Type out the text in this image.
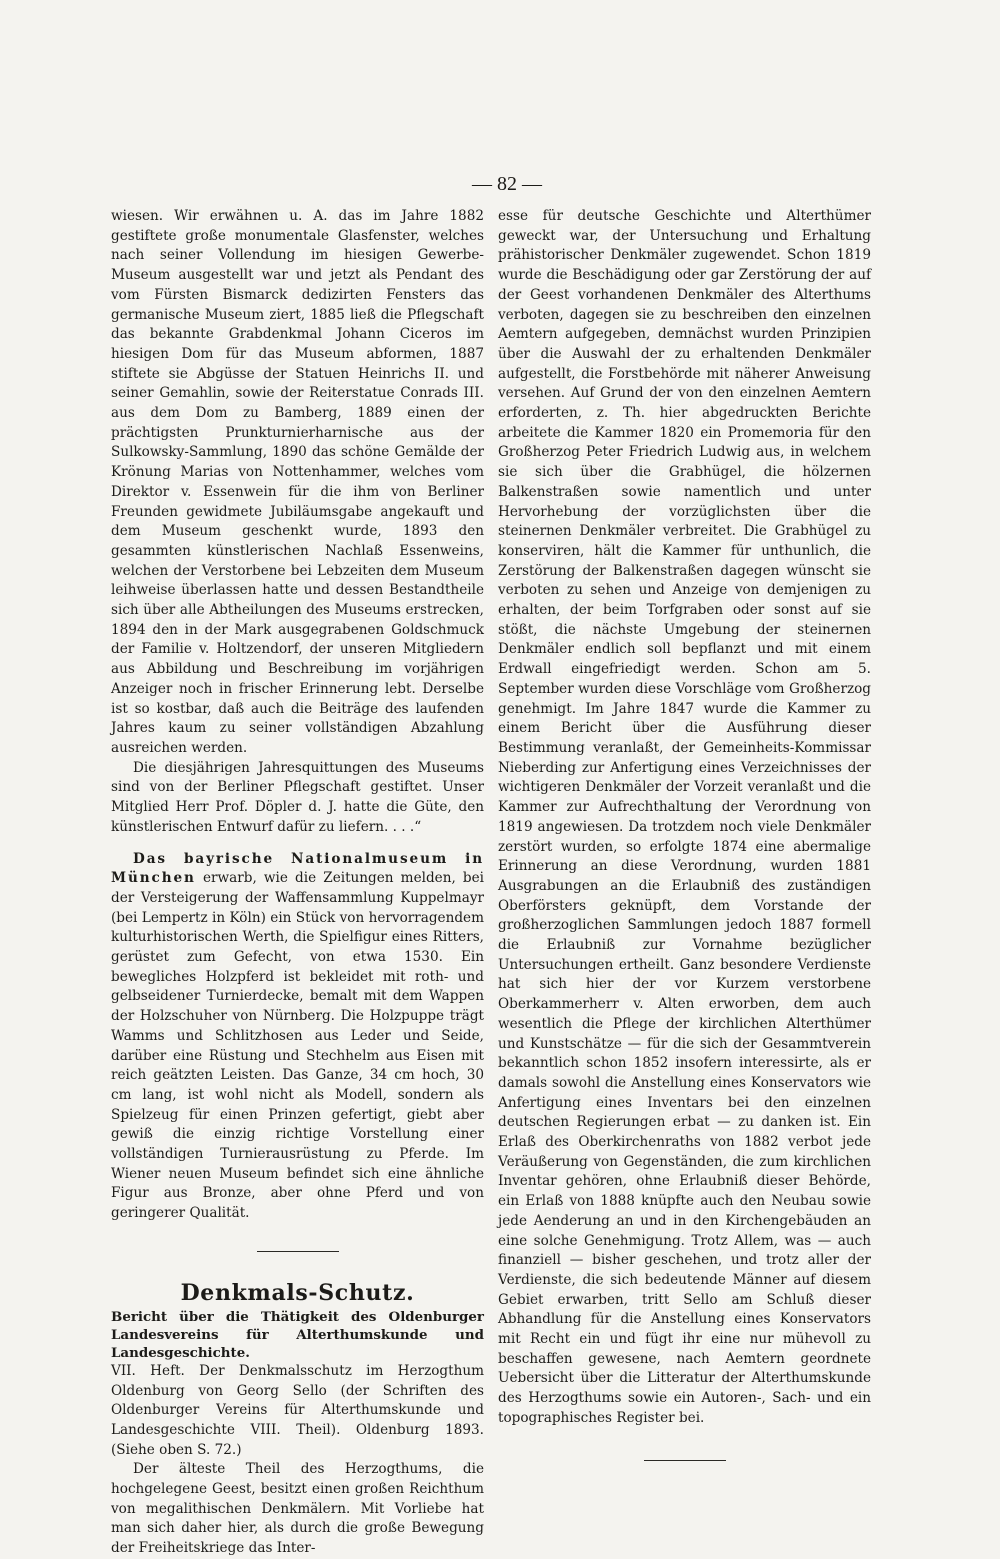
— 82 —

wiesen. Wir erwähnen u. A. das im Jahre 1882 gestiftete große monumentale Glasfenster, welches nach seiner Vollendung im hiesigen Gewerbe-Museum ausgestellt war und jetzt als Pendant des vom Fürsten Bismarck dedizirten Fensters das germanische Museum ziert, 1885 ließ die Pflegschaft das bekannte Grabdenkmal Johann Ciceros im hiesigen Dom für das Museum abformen, 1887 stiftete sie Abgüsse der Statuen Heinrichs II. und seiner Gemahlin, sowie der Reiterstatue Conrads III. aus dem Dom zu Bamberg, 1889 einen der prächtigsten Prunkturnierharnische aus der Sulkowsky-Sammlung, 1890 das schöne Gemälde der Krönung Marias von Nottenhammer, welches vom Direktor v. Essenwein für die ihm von Berliner Freunden gewidmete Jubiläumsgabe angekauft und dem Museum geschenkt wurde, 1893 den gesammten künstlerischen Nachlaß Essenweins, welchen der Verstorbene bei Lebzeiten dem Museum leihweise überlassen hatte und dessen Bestandtheile sich über alle Abtheilungen des Museums erstrecken, 1894 den in der Mark ausgegrabenen Goldschmuck der Familie v. Holtzendorf, der unseren Mitgliedern aus Abbildung und Beschreibung im vorjährigen Anzeiger noch in frischer Erinnerung lebt. Derselbe ist so kostbar, daß auch die Beiträge des laufenden Jahres kaum zu seiner vollständigen Abzahlung ausreichen werden.

Die diesjährigen Jahresquittungen des Museums sind von der Berliner Pflegschaft gestiftet. Unser Mitglied Herr Prof. Döpler d. J. hatte die Güte, den künstlerischen Entwurf dafür zu liefern. . . .“

Das bayrische Nationalmuseum in München erwarb, wie die Zeitungen melden, bei der Versteigerung der Waffensammlung Kuppelmayr (bei Lempertz in Köln) ein Stück von hervorragendem kulturhistorischen Werth, die Spielfigur eines Ritters, gerüstet zum Gefecht, von etwa 1530. Ein bewegliches Holzpferd ist bekleidet mit roth- und gelbseidener Turnierdecke, bemalt mit dem Wappen der Holzschuher von Nürnberg. Die Holzpuppe trägt Wamms und Schlitzhosen aus Leder und Seide, darüber eine Rüstung und Stechhelm aus Eisen mit reich geätzten Leisten. Das Ganze, 34 cm hoch, 30 cm lang, ist wohl nicht als Modell, sondern als Spielzeug für einen Prinzen gefertigt, giebt aber gewiß die einzig richtige Vorstellung einer vollständigen Turnierausrüstung zu Pferde. Im Wiener neuen Museum befindet sich eine ähnliche Figur aus Bronze, aber ohne Pferd und von geringerer Qualität.

Denkmals-Schutz.

Bericht über die Thätigkeit des Oldenburger Landesvereins für Alterthumskunde und Landesgeschichte.

VII. Heft. Der Denkmalsschutz im Herzogthum Oldenburg von Georg Sello (der Schriften des Oldenburger Vereins für Alterthumskunde und Landesgeschichte VIII. Theil). Oldenburg 1893. (Siehe oben S. 72.)

Der älteste Theil des Herzogthums, die hochgelegene Geest, besitzt einen großen Reichthum von megalithischen Denkmälern. Mit Vorliebe hat man sich daher hier, als durch die große Bewegung der Freiheitskriege das Inter-

esse für deutsche Geschichte und Alterthümer geweckt war, der Untersuchung und Erhaltung prähistorischer Denkmäler zugewendet. Schon 1819 wurde die Beschädigung oder gar Zerstörung der auf der Geest vorhandenen Denkmäler des Alterthums verboten, dagegen sie zu beschreiben den einzelnen Aemtern aufgegeben, demnächst wurden Prinzipien über die Auswahl der zu erhaltenden Denkmäler aufgestellt, die Forstbehörde mit näherer Anweisung versehen. Auf Grund der von den einzelnen Aemtern erforderten, z. Th. hier abgedruckten Berichte arbeitete die Kammer 1820 ein Promemoria für den Großherzog Peter Friedrich Ludwig aus, in welchem sie sich über die Grabhügel, die hölzernen Balkenstraßen sowie namentlich und unter Hervorhebung der vorzüglichsten über die steinernen Denkmäler verbreitet. Die Grabhügel zu konserviren, hält die Kammer für unthunlich, die Zerstörung der Balkenstraßen dagegen wünscht sie verboten zu sehen und Anzeige von demjenigen zu erhalten, der beim Torfgraben oder sonst auf sie stößt, die nächste Umgebung der steinernen Denkmäler endlich soll bepflanzt und mit einem Erdwall eingefriedigt werden. Schon am 5. September wurden diese Vorschläge vom Großherzog genehmigt. Im Jahre 1847 wurde die Kammer zu einem Bericht über die Ausführung dieser Bestimmung veranlaßt, der Gemeinheits-Kommissar Nieberding zur Anfertigung eines Verzeichnisses der wichtigeren Denkmäler der Vorzeit veranlaßt und die Kammer zur Aufrechthaltung der Verordnung von 1819 angewiesen. Da trotzdem noch viele Denkmäler zerstört wurden, so erfolgte 1874 eine abermalige Erinnerung an diese Verordnung, wurden 1881 Ausgrabungen an die Erlaubniß des zuständigen Oberförsters geknüpft, dem Vorstande der großherzoglichen Sammlungen jedoch 1887 formell die Erlaubniß zur Vornahme bezüglicher Untersuchungen ertheilt. Ganz besondere Verdienste hat sich hier der vor Kurzem verstorbene Oberkammerherr v. Alten erworben, dem auch wesentlich die Pflege der kirchlichen Alterthümer und Kunstschätze — für die sich der Gesammtverein bekanntlich schon 1852 insofern interessirte, als er damals sowohl die Anstellung eines Konservators wie Anfertigung eines Inventars bei den einzelnen deutschen Regierungen erbat — zu danken ist. Ein Erlaß des Oberkirchenraths von 1882 verbot jede Veräußerung von Gegenständen, die zum kirchlichen Inventar gehören, ohne Erlaubniß dieser Behörde, ein Erlaß von 1888 knüpfte auch den Neubau sowie jede Aenderung an und in den Kirchengebäuden an eine solche Genehmigung. Trotz Allem, was — auch finanziell — bisher geschehen, und trotz aller der Verdienste, die sich bedeutende Männer auf diesem Gebiet erwarben, tritt Sello am Schluß dieser Abhandlung für die Anstellung eines Konservators mit Recht ein und fügt ihr eine nur mühevoll zu beschaffen gewesene, nach Aemtern geordnete Uebersicht über die Litteratur der Alterthumskunde des Herzogthums sowie ein Autoren-, Sach- und ein topographisches Register bei.
